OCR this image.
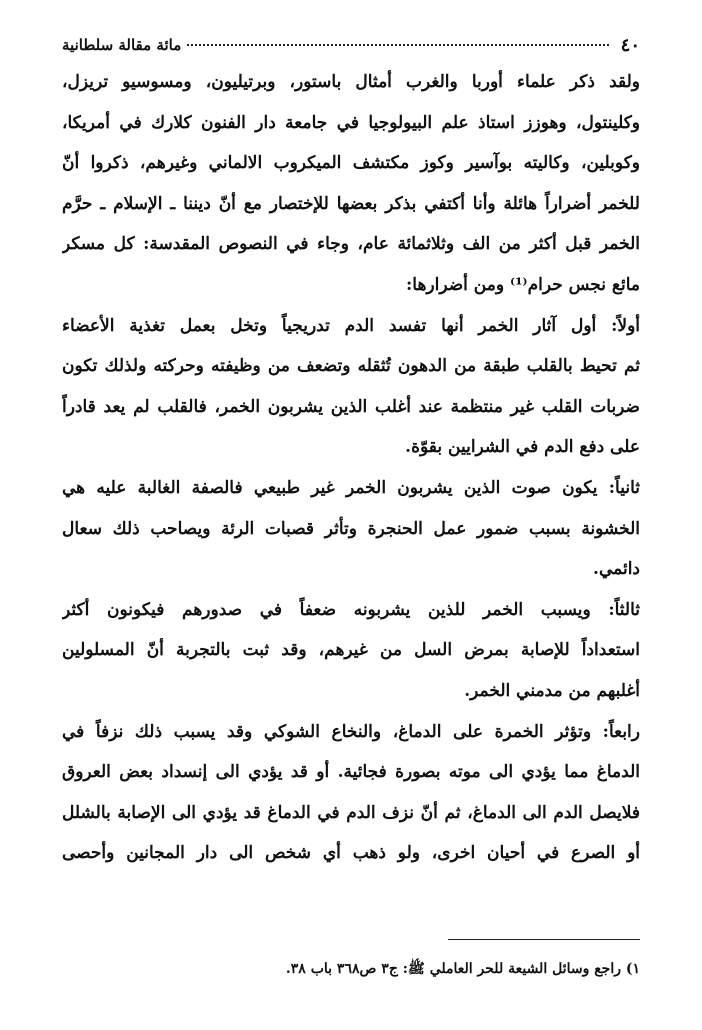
٤٠
مائة مقالة سلطانية
ولقد ذكر علماء أوربا والغرب أمثال باستور، وبرتيليون، ومسوسيو تريزل،
وكلينتول، وهوزز استاذ علم البيولوجيا في جامعة دار الفنون كلارك في أمريكا،
وكوبلين، وكاليته بوآسير وكوز مكتشف الميكروب الالماني وغيرهم، ذكروا أنّ
للخمر أضراراً هائلة وأنا أكتفي بذكر بعضها للإختصار مع أنّ ديننا ـ الإسلام ـ حرَّم
الخمر قبل أكثر من الف وثلاثمائة عام، وجاء في النصوص المقدسة: كل مسكر
مائع نجس حرام⁽¹⁾ ومن أضرارها:
أولاً: أول آثار الخمر أنها تفسد الدم تدريجياً وتخل بعمل تغذية الأعضاء
ثم تحيط بالقلب طبقة من الدهون تُثقله وتضعف من وظيفته وحركته ولذلك تكون
ضربات القلب غير منتظمة عند أغلب الذين يشربون الخمر، فالقلب لم يعد قادراً
على دفع الدم في الشرايين بقوّة.
ثانياً: يكون صوت الذين يشربون الخمر غير طبيعي فالصفة الغالبة عليه هي
الخشونة بسبب ضمور عمل الحنجرة وتأثر قصبات الرئة ويصاحب ذلك سعال
دائمي.
ثالثاً: ويسبب الخمر للذين يشربونه ضعفاً في صدورهم فيكونون أكثر
استعداداً للإصابة بمرض السل من غيرهم، وقد ثبت بالتجربة أنّ المسلولين
أغلبهم من مدمني الخمر.
رابعاً: وتؤثر الخمرة على الدماغ، والنخاع الشوكي وقد يسبب ذلك نزفاً في
الدماغ مما يؤدي الى موته بصورة فجائية. أو قد يؤدي الى إنسداد بعض العروق
فلايصل الدم الى الدماغ، ثم أنّ نزف الدم في الدماغ قد يؤدي الى الإصابة بالشلل
أو الصرع في أحيان اخرى، ولو ذهب أي شخص الى دار المجانين وأحصى
١) راجع وسائل الشيعة للحر العاملي ﷺ: ج٣ ص٣٦٨ باب ٣٨.
